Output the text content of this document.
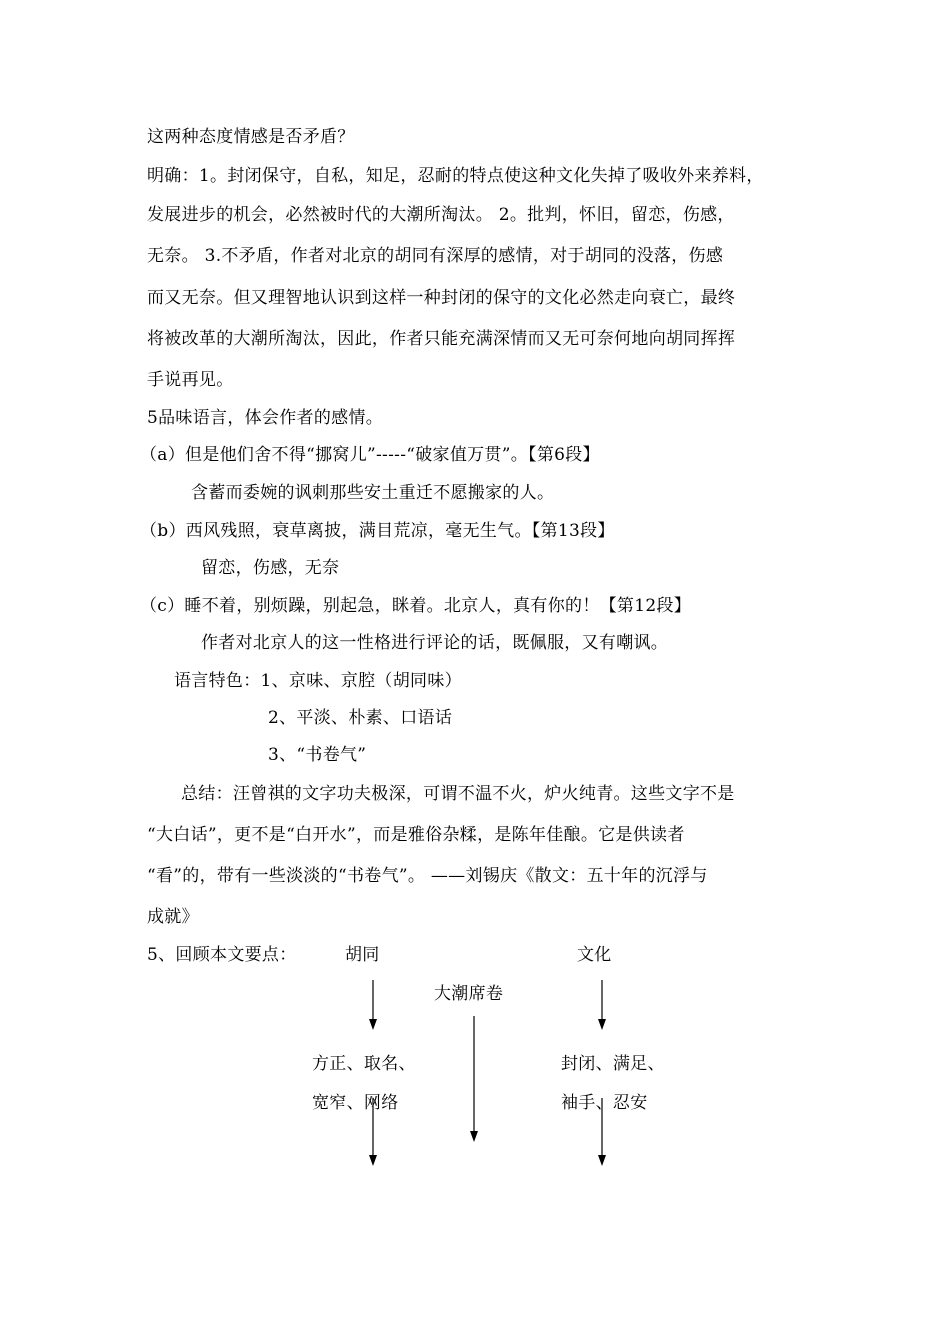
这两种态度情感是否矛盾？
明确：1。封闭保守，自私，知足，忍耐的特点使这种文化失掉了吸收外来养料，
发展进步的机会，必然被时代的大潮所淘汰。 2。批判，怀旧，留恋，伤感，
无奈。 3.不矛盾，作者对北京的胡同有深厚的感情，对于胡同的没落，伤感
而又无奈。但又理智地认识到这样一种封闭的保守的文化必然走向衰亡，最终
将被改革的大潮所淘汰，因此，作者只能充满深情而又无可奈何地向胡同挥挥
手说再见。
5品味语言，体会作者的感情。
（a）但是他们舍不得“挪窝儿”-----“破家值万贯”。【第6段】
含蓄而委婉的讽刺那些安土重迁不愿搬家的人。
（b）西风残照，衰草离披，满目荒凉，毫无生气。【第13段】
留恋，伤感，无奈
（c）睡不着，别烦躁，别起急，眯着。北京人，真有你的！【第12段】
作者对北京人的这一性格进行评论的话，既佩服，又有嘲讽。
语言特色：1、京味、京腔（胡同味）
2、平淡、朴素、口语话
3、“书卷气”
总结：汪曾祺的文字功夫极深，可谓不温不火，炉火纯青。这些文字不是
“大白话”，更不是“白开水”，而是雅俗杂糅，是陈年佳酿。它是供读者
“看”的，带有一些淡淡的“书卷气”。 ——刘锡庆《散文：五十年的沉浮与
成就》
5、回顾本文要点：	胡同	文化
大潮席卷
方正、取名、
宽窄、网络
封闭、满足、
袖手、忍安
